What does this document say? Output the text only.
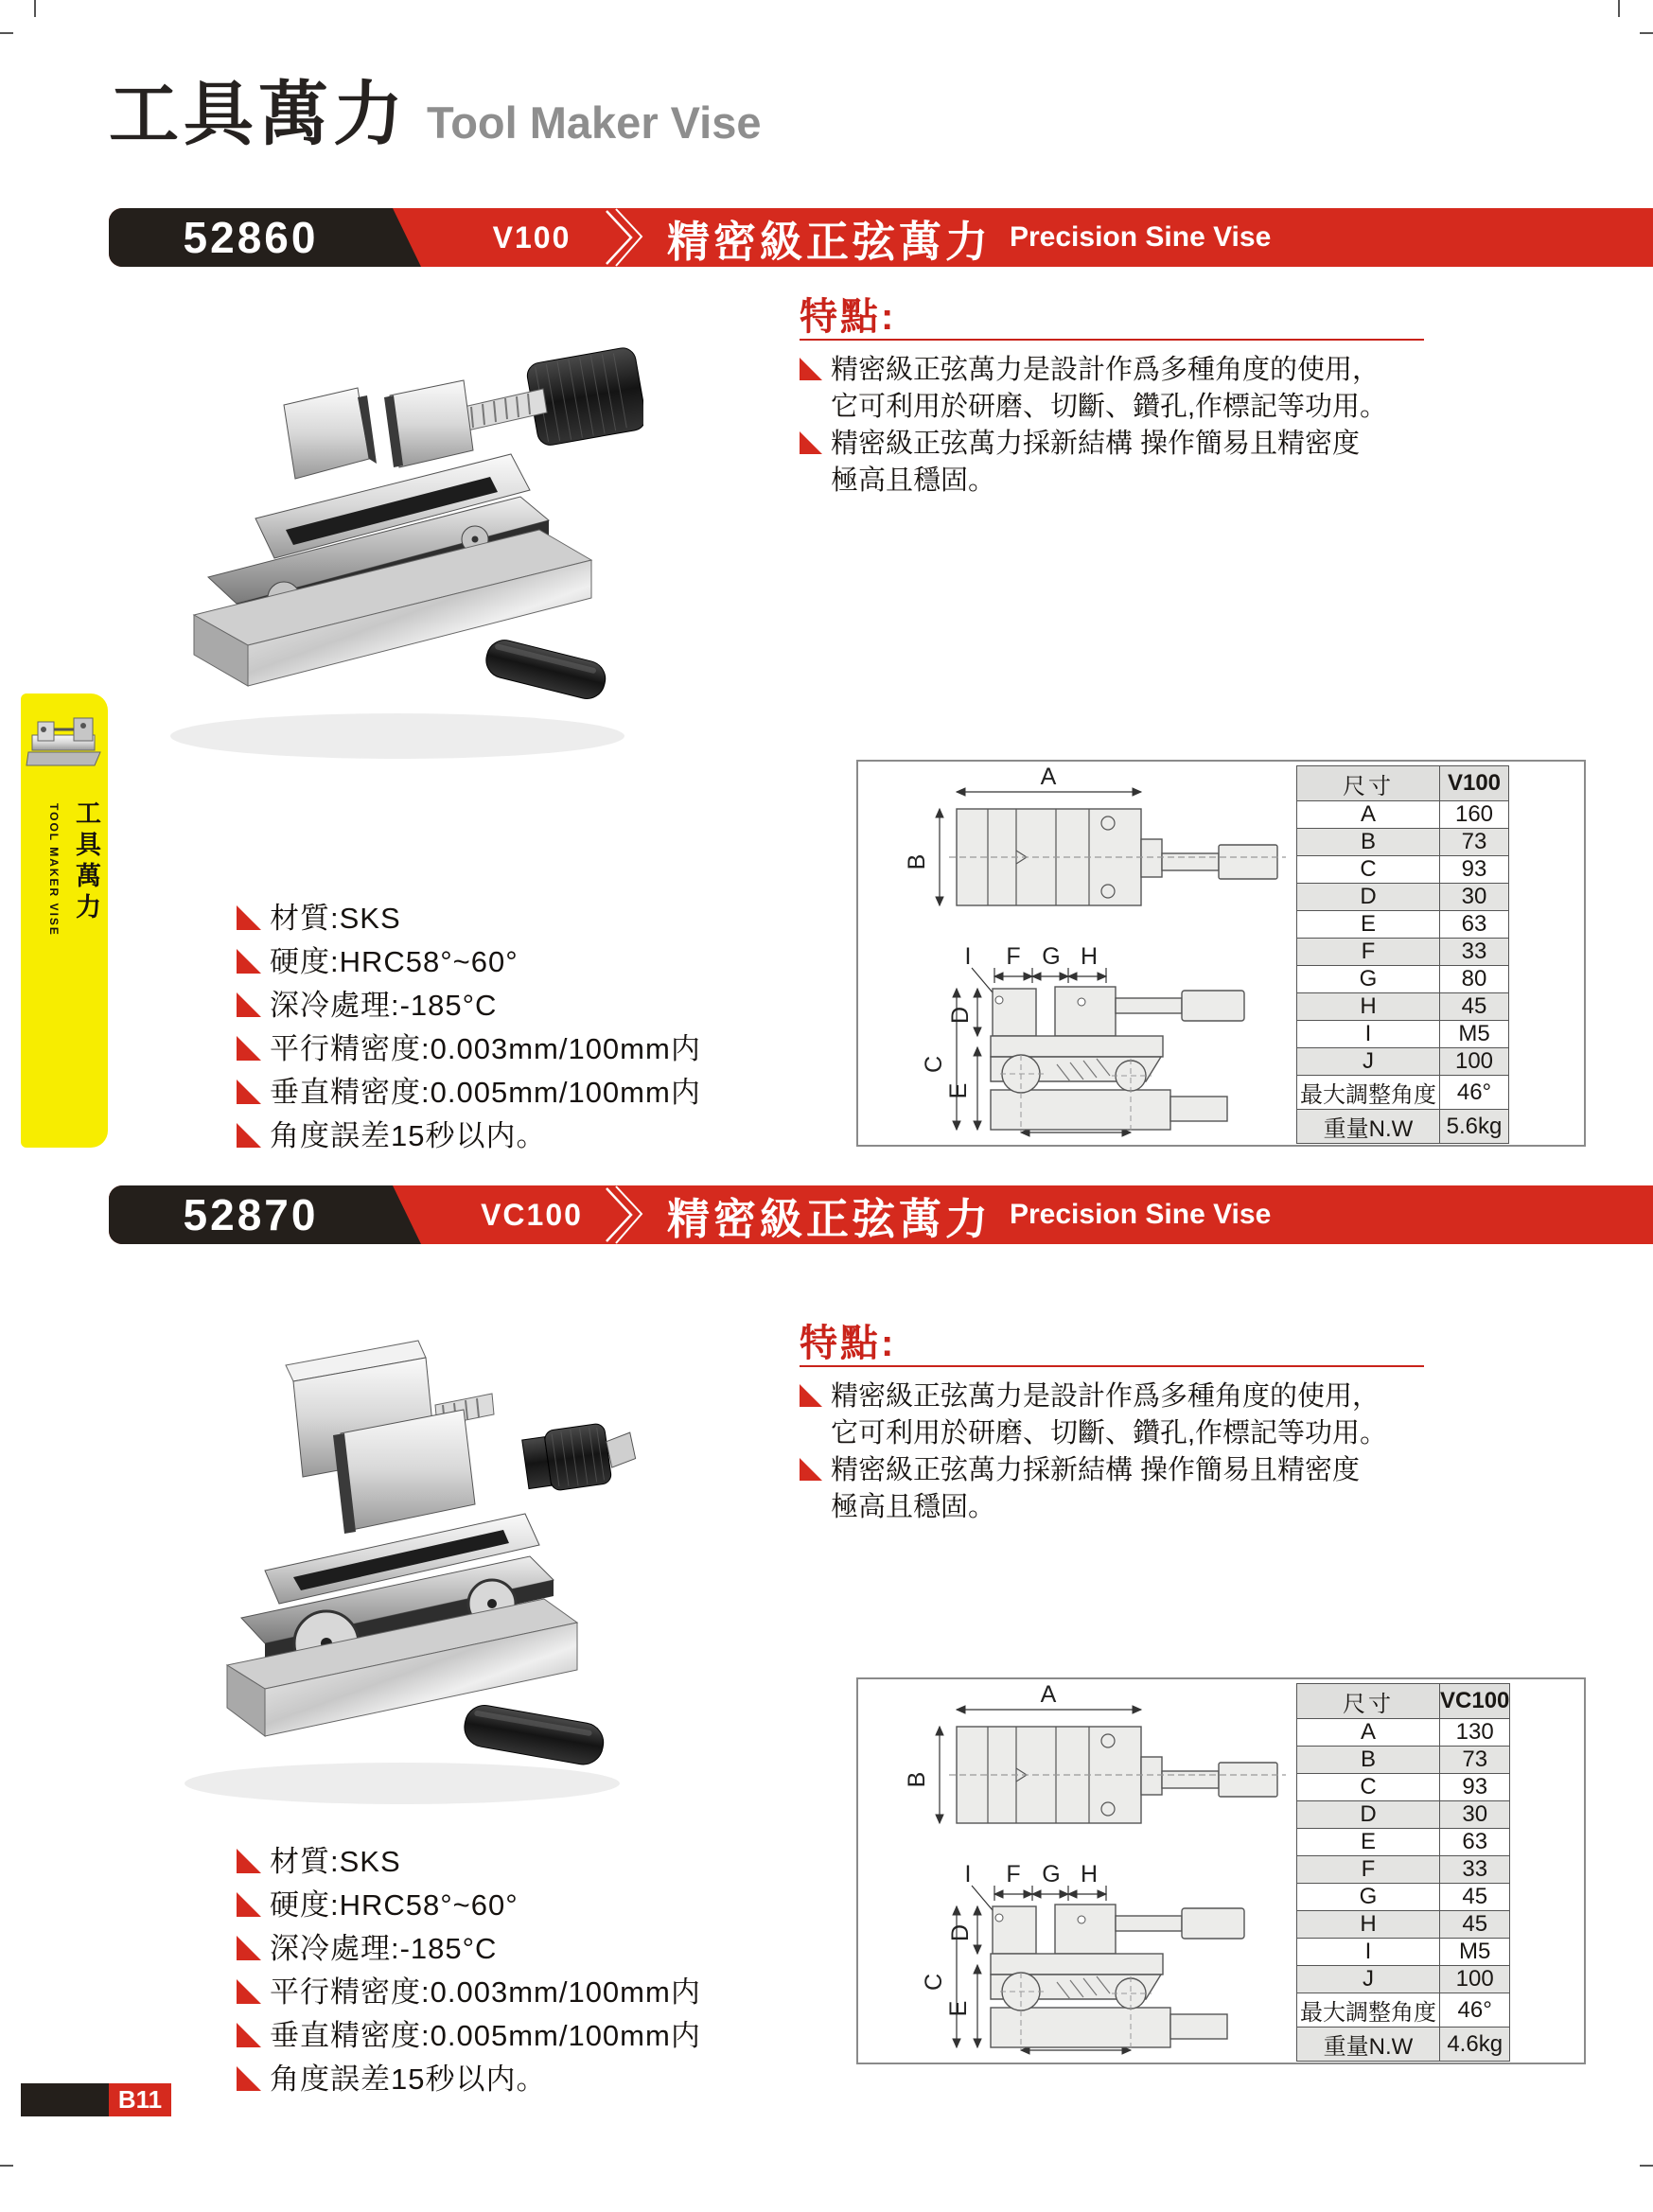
工具萬力 Tool Maker Vise
52860	V100	精密級正弦萬力 Precision Sine Vise
特點:
精密級正弦萬力是設計作爲多種角度的使用，
它可利用於研磨、切斷、鑽孔,作標記等功用。
精密級正弦萬力採新結構 操作簡易且精密度
極高且穩固。
材質:SKS
硬度:HRC58°~60°
深冷處理:-185°C
平行精密度:0.003mm/100mm内
垂直精密度:0.005mm/100mm内
角度誤差15秒以内。
A
B
I F G H
C
D
E
尺寸	V100
A	160
B	73
C	93
D	30
E	63
F	33
G	80
H	45
I	M5
J	100
最大調整角度	46°
重量N.W	5.6kg
52870	VC100	精密級正弦萬力 Precision Sine Vise
特點:
精密級正弦萬力是設計作爲多種角度的使用，
它可利用於研磨、切斷、鑽孔,作標記等功用。
精密級正弦萬力採新結構 操作簡易且精密度
極高且穩固。
材質:SKS
硬度:HRC58°~60°
深冷處理:-185°C
平行精密度:0.003mm/100mm内
垂直精密度:0.005mm/100mm内
角度誤差15秒以内。
A
B
I F G H
C
D
E
尺寸	VC100
A	130
B	73
C	93
D	30
E	63
F	33
G	45
H	45
I	M5
J	100
最大調整角度	46°
重量N.W	4.6kg
工具萬力
TOOL MAKER VISE
B11
